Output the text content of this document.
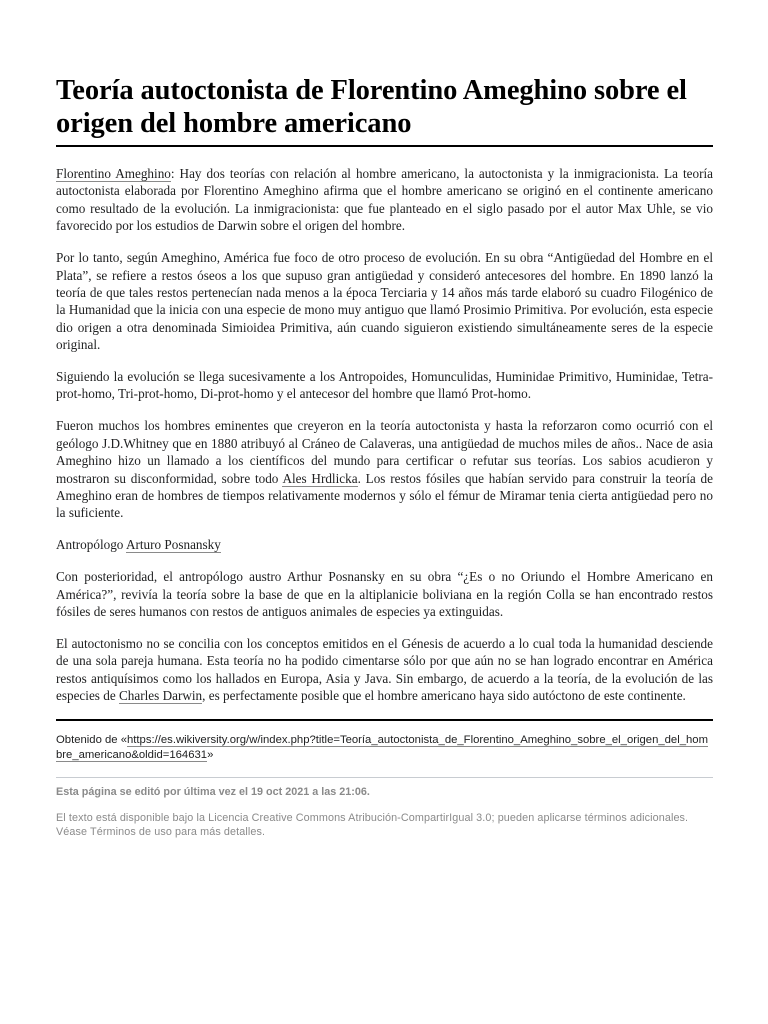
Teoría autoctonista de Florentino Ameghino sobre el origen del hombre americano

Florentino Ameghino: Hay dos teorías con relación al hombre americano, la autoctonista y la inmigracionista. La teoría autoctonista elaborada por Florentino Ameghino afirma que el hombre americano se originó en el continente americano como resultado de la evolución. La inmigracionista: que fue planteado en el siglo pasado por el autor Max Uhle, se vio favorecido por los estudios de Darwin sobre el origen del hombre.

Por lo tanto, según Ameghino, América fue foco de otro proceso de evolución. En su obra “Antigüedad del Hombre en el Plata”, se refiere a restos óseos a los que supuso gran antigüedad y consideró antecesores del hombre. En 1890 lanzó la teoría de que tales restos pertenecían nada menos a la época Terciaria y 14 años más tarde elaboró su cuadro Filogénico de la Humanidad que la inicia con una especie de mono muy antiguo que llamó Prosimio Primitiva. Por evolución, esta especie dio origen a otra denominada Simioidea Primitiva, aún cuando siguieron existiendo simultáneamente seres de la especie original.

Siguiendo la evolución se llega sucesivamente a los Antropoides, Homunculidas, Huminidae Primitivo, Huminidae, Tetra-prot-homo, Tri-prot-homo, Di-prot-homo y el antecesor del hombre que llamó Prot-homo.

Fueron muchos los hombres eminentes que creyeron en la teoría autoctonista y hasta la reforzaron como ocurrió con el geólogo J.D.Whitney que en 1880 atribuyó al Cráneo de Calaveras, una antigüedad de muchos miles de años.. Nace de asia Ameghino hizo un llamado a los científicos del mundo para certificar o refutar sus teorías. Los sabios acudieron y mostraron su disconformidad, sobre todo Ales Hrdlicka. Los restos fósiles que habían servido para construir la teoría de Ameghino eran de hombres de tiempos relativamente modernos y sólo el fémur de Miramar tenia cierta antigüedad pero no la suficiente.

Antropólogo Arturo Posnansky

Con posterioridad, el antropólogo austro Arthur Posnansky en su obra “¿Es o no Oriundo el Hombre Americano en América?”, revivía la teoría sobre la base de que en la altiplanicie boliviana en la región Colla se han encontrado restos fósiles de seres humanos con restos de antiguos animales de especies ya extinguidas.

El autoctonismo no se concilia con los conceptos emitidos en el Génesis de acuerdo a lo cual toda la humanidad desciende de una sola pareja humana. Esta teoría no ha podido cimentarse sólo por que aún no se han logrado encontrar en América restos antiquísimos como los hallados en Europa, Asia y Java. Sin embargo, de acuerdo a la teoría, de la evolución de las especies de Charles Darwin, es perfectamente posible que el hombre americano haya sido autóctono de este continente.

Obtenido de «https://es.wikiversity.org/w/index.php?title=Teoría_autoctonista_de_Florentino_Ameghino_sobre_el_origen_del_hombre_americano&oldid=164631»
Esta página se editó por última vez el 19 oct 2021 a las 21:06.
El texto está disponible bajo la Licencia Creative Commons Atribución-CompartirIgual 3.0; pueden aplicarse términos adicionales. Véase Términos de uso para más detalles.
